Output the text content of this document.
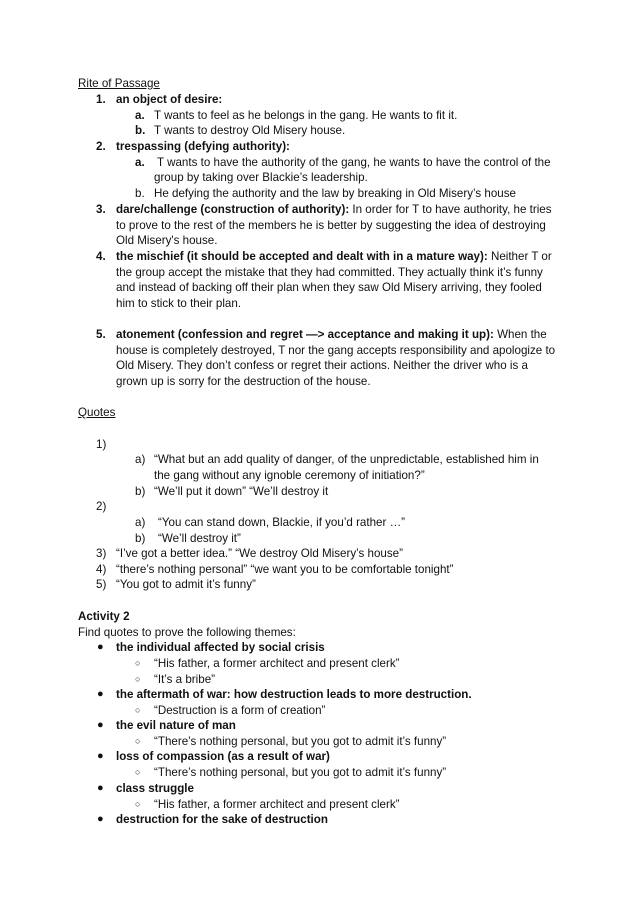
Rite of Passage
1. an object of desire:
a. T wants to feel as he belongs in the gang. He wants to fit it.
b. T wants to destroy Old Misery house.
2. trespassing (defying authority):
a. T wants to have the authority of the gang, he wants to have the control of the
group by taking over Blackie’s leadership.
b. He defying the authority and the law by breaking in Old Misery’s house
3. dare/challenge (construction of authority): In order for T to have authority, he tries
to prove to the rest of the members he is better by suggesting the idea of destroying
Old Misery's house.
4. the mischief (it should be accepted and dealt with in a mature way): Neither T or
the group accept the mistake that they had committed. They actually think it’s funny
and instead of backing off their plan when they saw Old Misery arriving, they fooled
him to stick to their plan.
5. atonement (confession and regret —> acceptance and making it up): When the
house is completely destroyed, T nor the gang accepts responsibility and apologize to
Old Misery. They don’t confess or regret their actions. Neither the driver who is a
grown up is sorry for the destruction of the house.
Quotes
1)
a) “What but an add quality of danger, of the unpredictable, established him in
the gang without any ignoble ceremony of initiation?”
b) “We’ll put it down” “We’ll destroy it
2)
a) “You can stand down, Blackie, if you’d rather …”
b) “We’ll destroy it”
3) “I’ve got a better idea.” “We destroy Old Misery’s house”
4) “there’s nothing personal” “we want you to be comfortable tonight”
5) “You got to admit it’s funny”
Activity 2
Find quotes to prove the following themes:
● the individual affected by social crisis
○ “His father, a former architect and present clerk”
○ “It’s a bribe”
● the aftermath of war: how destruction leads to more destruction.
○ “Destruction is a form of creation”
● the evil nature of man
○ “There’s nothing personal, but you got to admit it’s funny”
● loss of compassion (as a result of war)
○ “There’s nothing personal, but you got to admit it’s funny”
● class struggle
○ “His father, a former architect and present clerk”
● destruction for the sake of destruction
